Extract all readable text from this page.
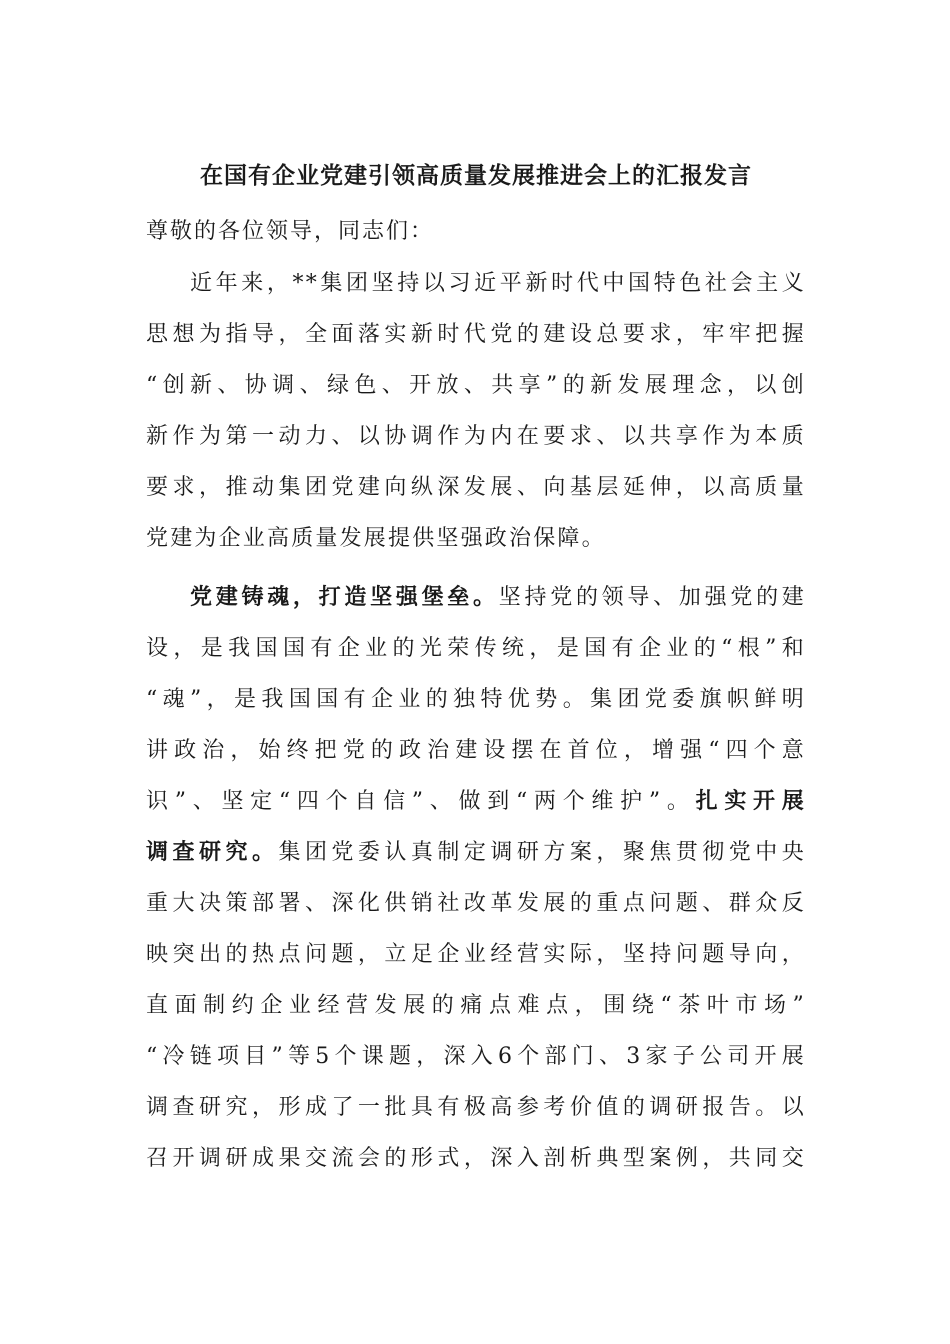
在国有企业党建引领高质量发展推进会上的汇报发言
尊敬的各位领导，同志们：
近年来，**集团坚持以习近平新时代中国特色社会主义
思想为指导，全面落实新时代党的建设总要求，牢牢把握
“创新、协调、绿色、开放、共享”的新发展理念，以创
新作为第一动力、以协调作为内在要求、以共享作为本质
要求，推动集团党建向纵深发展、向基层延伸，以高质量
党建为企业高质量发展提供坚强政治保障。
党建铸魂，打造坚强堡垒。坚持党的领导、加强党的建
设，是我国国有企业的光荣传统，是国有企业的“根”和
“魂”，是我国国有企业的独特优势。集团党委旗帜鲜明
讲政治，始终把党的政治建设摆在首位，增强“四个意
识”、坚定“四个自信”、做到“两个维护”。扎实开展
调查研究。集团党委认真制定调研方案，聚焦贯彻党中央
重大决策部署、深化供销社改革发展的重点问题、群众反
映突出的热点问题，立足企业经营实际，坚持问题导向，
直面制约企业经营发展的痛点难点，围绕“茶叶市场”
“冷链项目”等5个课题，深入6个部门、3家子公司开展
调查研究，形成了一批具有极高参考价值的调研报告。以
召开调研成果交流会的形式，深入剖析典型案例，共同交
